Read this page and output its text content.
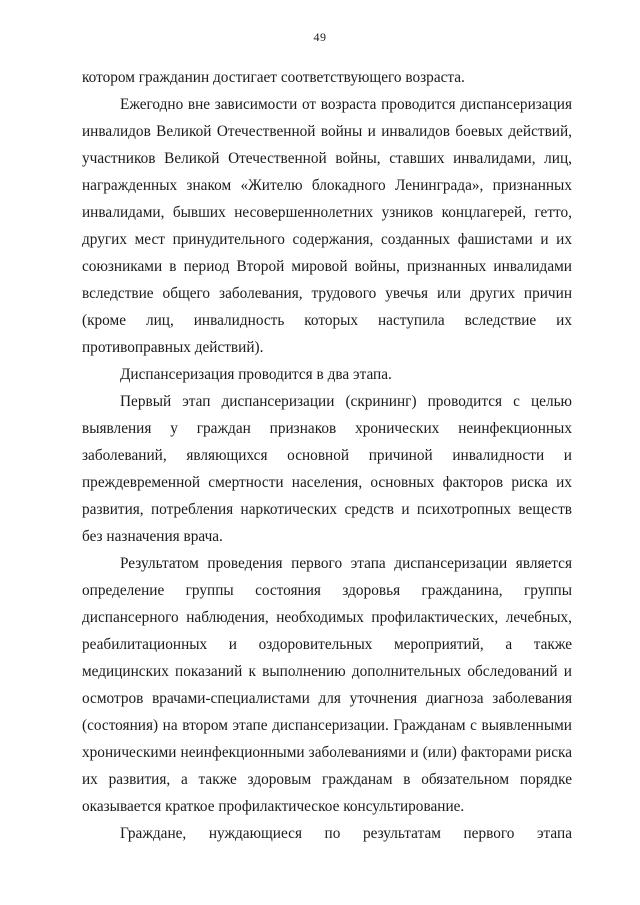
49

котором гражданин достигает соответствующего возраста.

Ежегодно вне зависимости от возраста проводится диспансеризация инвалидов Великой Отечественной войны и инвалидов боевых действий, участников Великой Отечественной войны, ставших инвалидами, лиц, награжденных знаком «Жителю блокадного Ленинграда», признанных инвалидами, бывших несовершеннолетних узников концлагерей, гетто, других мест принудительного содержания, созданных фашистами и их союзниками в период Второй мировой войны, признанных инвалидами вследствие общего заболевания, трудового увечья или других причин (кроме лиц, инвалидность которых наступила вследствие их противоправных действий).

Диспансеризация проводится в два этапа.

Первый этап диспансеризации (скрининг) проводится с целью выявления у граждан признаков хронических неинфекционных заболеваний, являющихся основной причиной инвалидности и преждевременной смертности населения, основных факторов риска их развития, потребления наркотических средств и психотропных веществ без назначения врача.

Результатом проведения первого этапа диспансеризации является определение группы состояния здоровья гражданина, группы диспансерного наблюдения, необходимых профилактических, лечебных, реабилитационных и оздоровительных мероприятий, а также медицинских показаний к выполнению дополнительных обследований и осмотров врачами-специалистами для уточнения диагноза заболевания (состояния) на втором этапе диспансеризации. Гражданам с выявленными хроническими неинфекционными заболеваниями и (или) факторами риска их развития, а также здоровым гражданам в обязательном порядке оказывается краткое профилактическое консультирование.

Граждане, нуждающиеся по результатам первого этапа
